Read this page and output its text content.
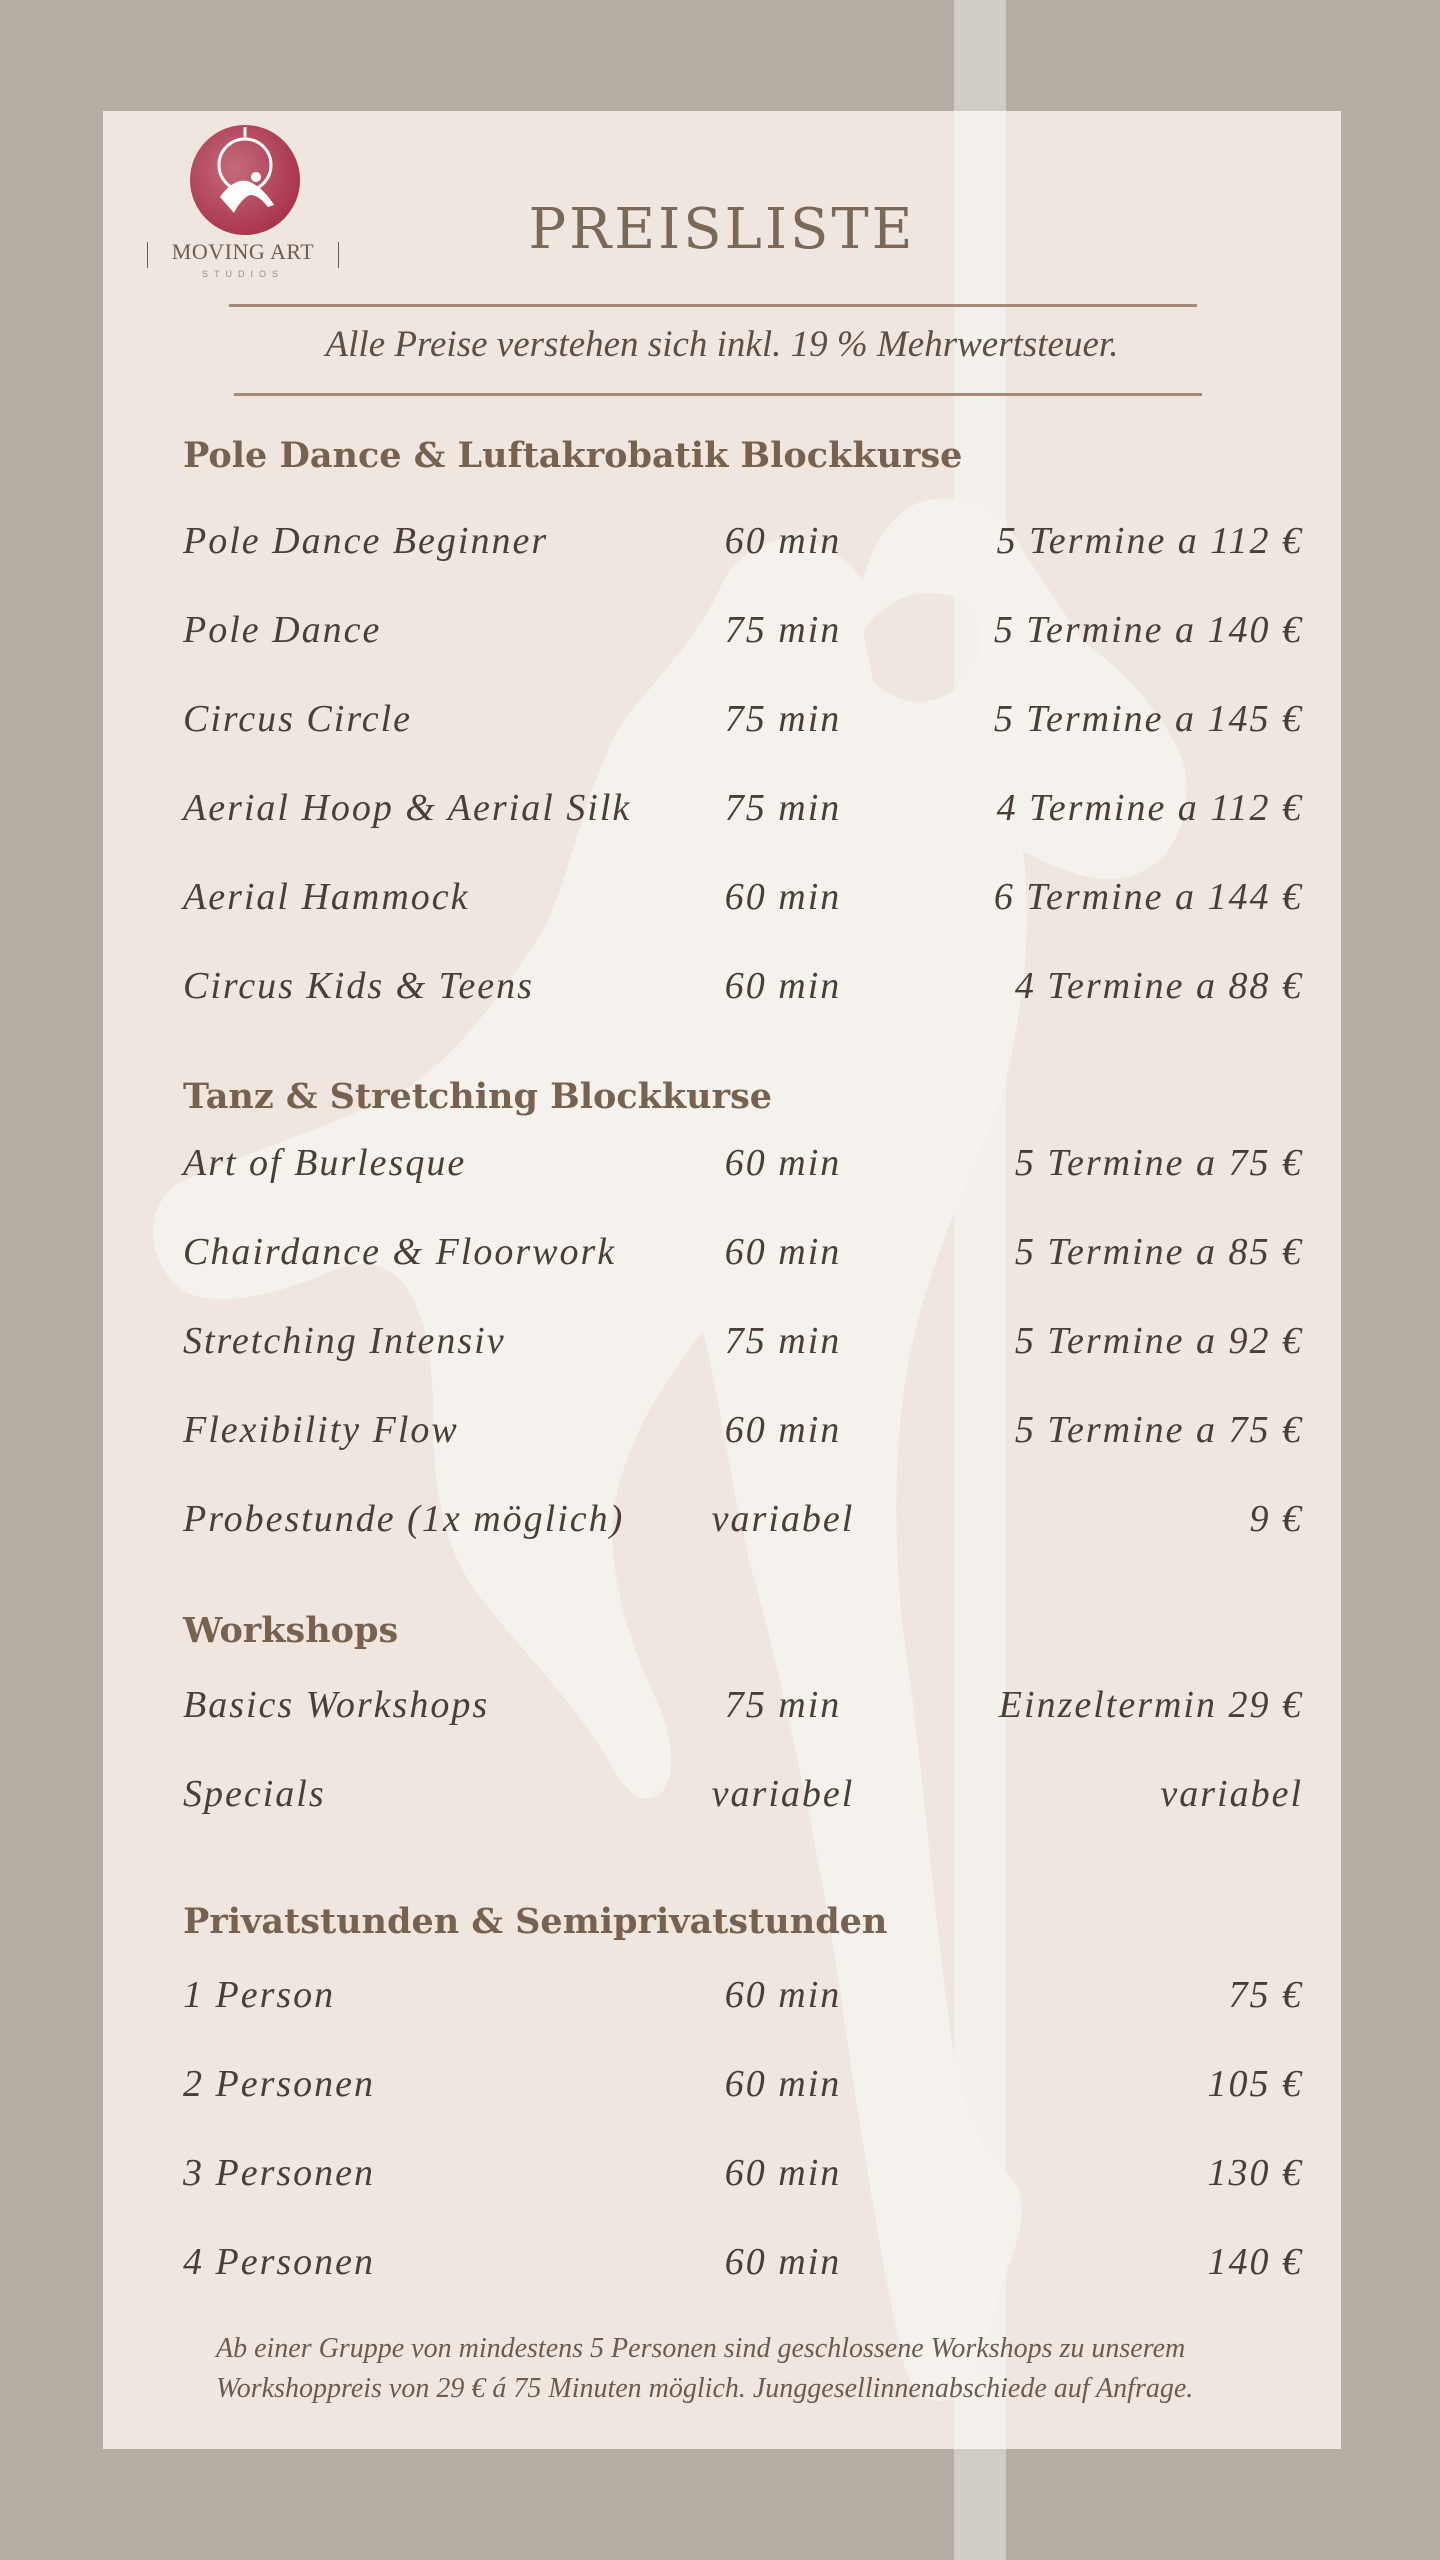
MOVING ART
STUDIOS
PREISLISTE
Alle Preise verstehen sich inkl. 19 % Mehrwertsteuer.
Pole Dance & Luftakrobatik Blockkurse
Pole Dance Beginner	60 min	5 Termine a 112 €
Pole Dance	75 min	5 Termine a 140 €
Circus Circle	75 min	5 Termine a 145 €
Aerial Hoop & Aerial Silk	75 min	4 Termine a 112 €
Aerial Hammock	60 min	6 Termine a 144 €
Circus Kids & Teens	60 min	4 Termine a 88 €
Tanz & Stretching Blockkurse
Art of Burlesque	60 min	5 Termine a 75 €
Chairdance & Floorwork	60 min	5 Termine a 85 €
Stretching Intensiv	75 min	5 Termine a 92 €
Flexibility Flow	60 min	5 Termine a 75 €
Probestunde (1x möglich)	variabel	9 €
Workshops
Basics Workshops	75 min	Einzeltermin 29 €
Specials	variabel	variabel
Privatstunden & Semiprivatstunden
1 Person	60 min	75 €
2 Personen	60 min	105 €
3 Personen	60 min	130 €
4 Personen	60 min	140 €
Ab einer Gruppe von mindestens 5 Personen sind geschlossene Workshops zu unserem Workshoppreis von 29 € á 75 Minuten möglich. Junggesellinnenabschiede auf Anfrage.
